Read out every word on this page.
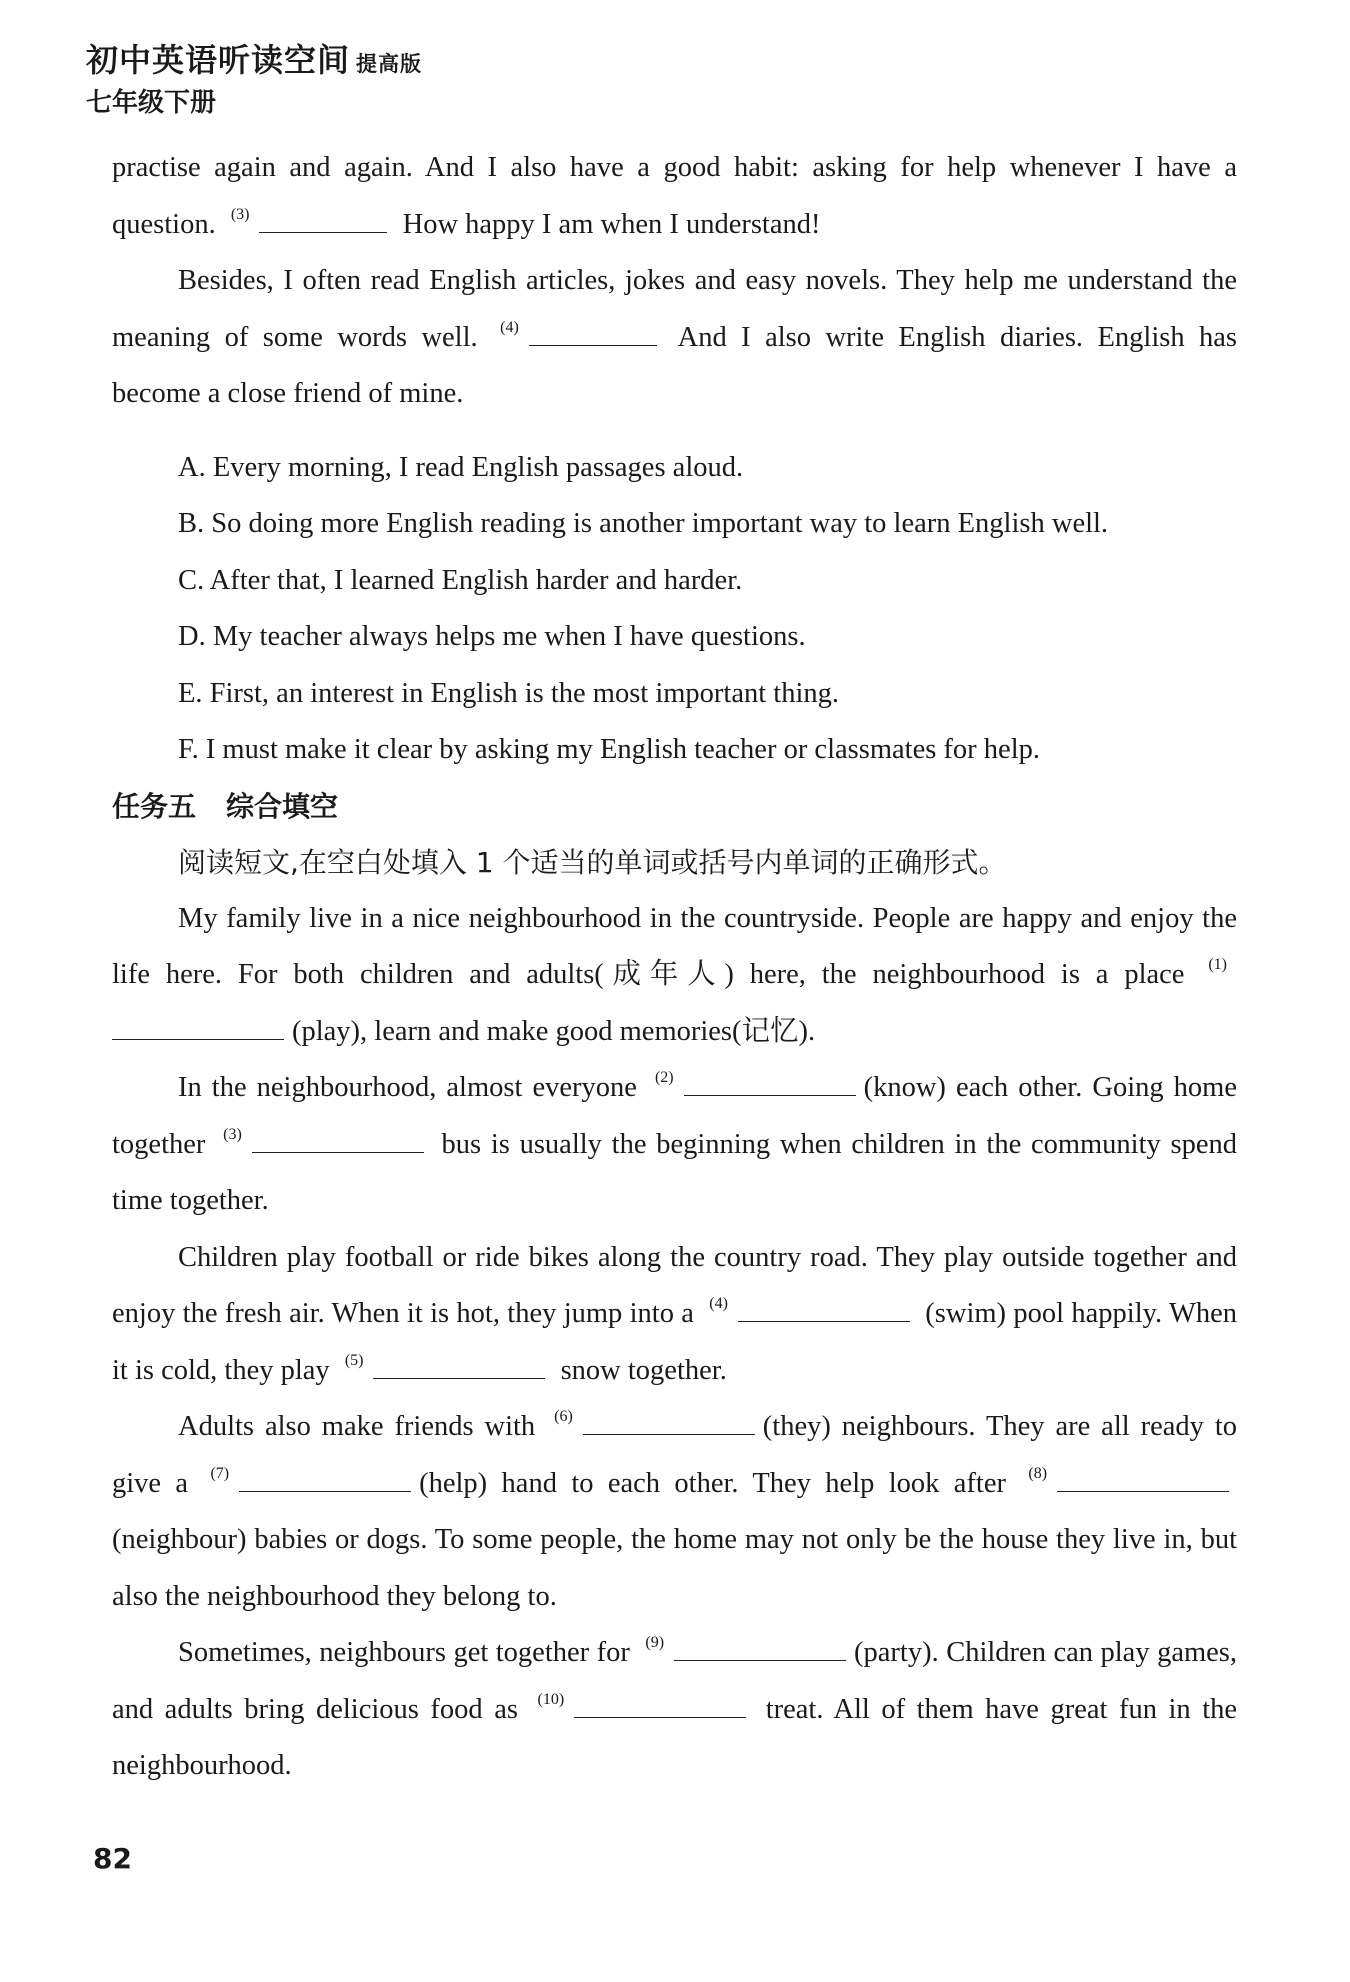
初中英语听读空间 提高版
七年级下册

practise again and again. And I also have a good habit: asking for help whenever I have a question. $^{(3)}$	How happy I am when I understand!

Besides, I often read English articles, jokes and easy novels. They help me understand the meaning of some words well. $^{(4)}$	And I also write English diaries. English has become a close friend of mine.

A. Every morning, I read English passages aloud.
B. So doing more English reading is another important way to learn English well.
C. After that, I learned English harder and harder.
D. My teacher always helps me when I have questions.
E. First, an interest in English is the most important thing.
F. I must make it clear by asking my English teacher or classmates for help.
任务五 综合填空
阅读短文,在空白处填入 1 个适当的单词或括号内单词的正确形式。

My family live in a nice neighbourhood in the countryside. People are happy and enjoy the life here. For both children and adults(成年人) here, the neighbourhood is a place $^{(1)}$(play), learn and make good memories(记忆).

In the neighbourhood, almost everyone $^{(2)}$	(know) each other. Going home together $^{(3)}$	bus is usually the beginning when children in the community spend time together.

Children play football or ride bikes along the country road. They play outside together and enjoy the fresh air. When it is hot, they jump into a $^{(4)}$	(swim) pool happily. When it is cold, they play $^{(5)}$	snow together.

Adults also make friends with $^{(6)}$	(they) neighbours. They are all ready to give a $^{(7)}$	(help) hand to each other. They help look after $^{(8)}$(neighbour) babies or dogs. To some people, the home may not only be the house they live in, but also the neighbourhood they belong to.

Sometimes, neighbours get together for $^{(9)}$	(party). Children can play games, and adults bring delicious food as $^{(10)}$	treat. All of them have great fun in the neighbourhood.

82
